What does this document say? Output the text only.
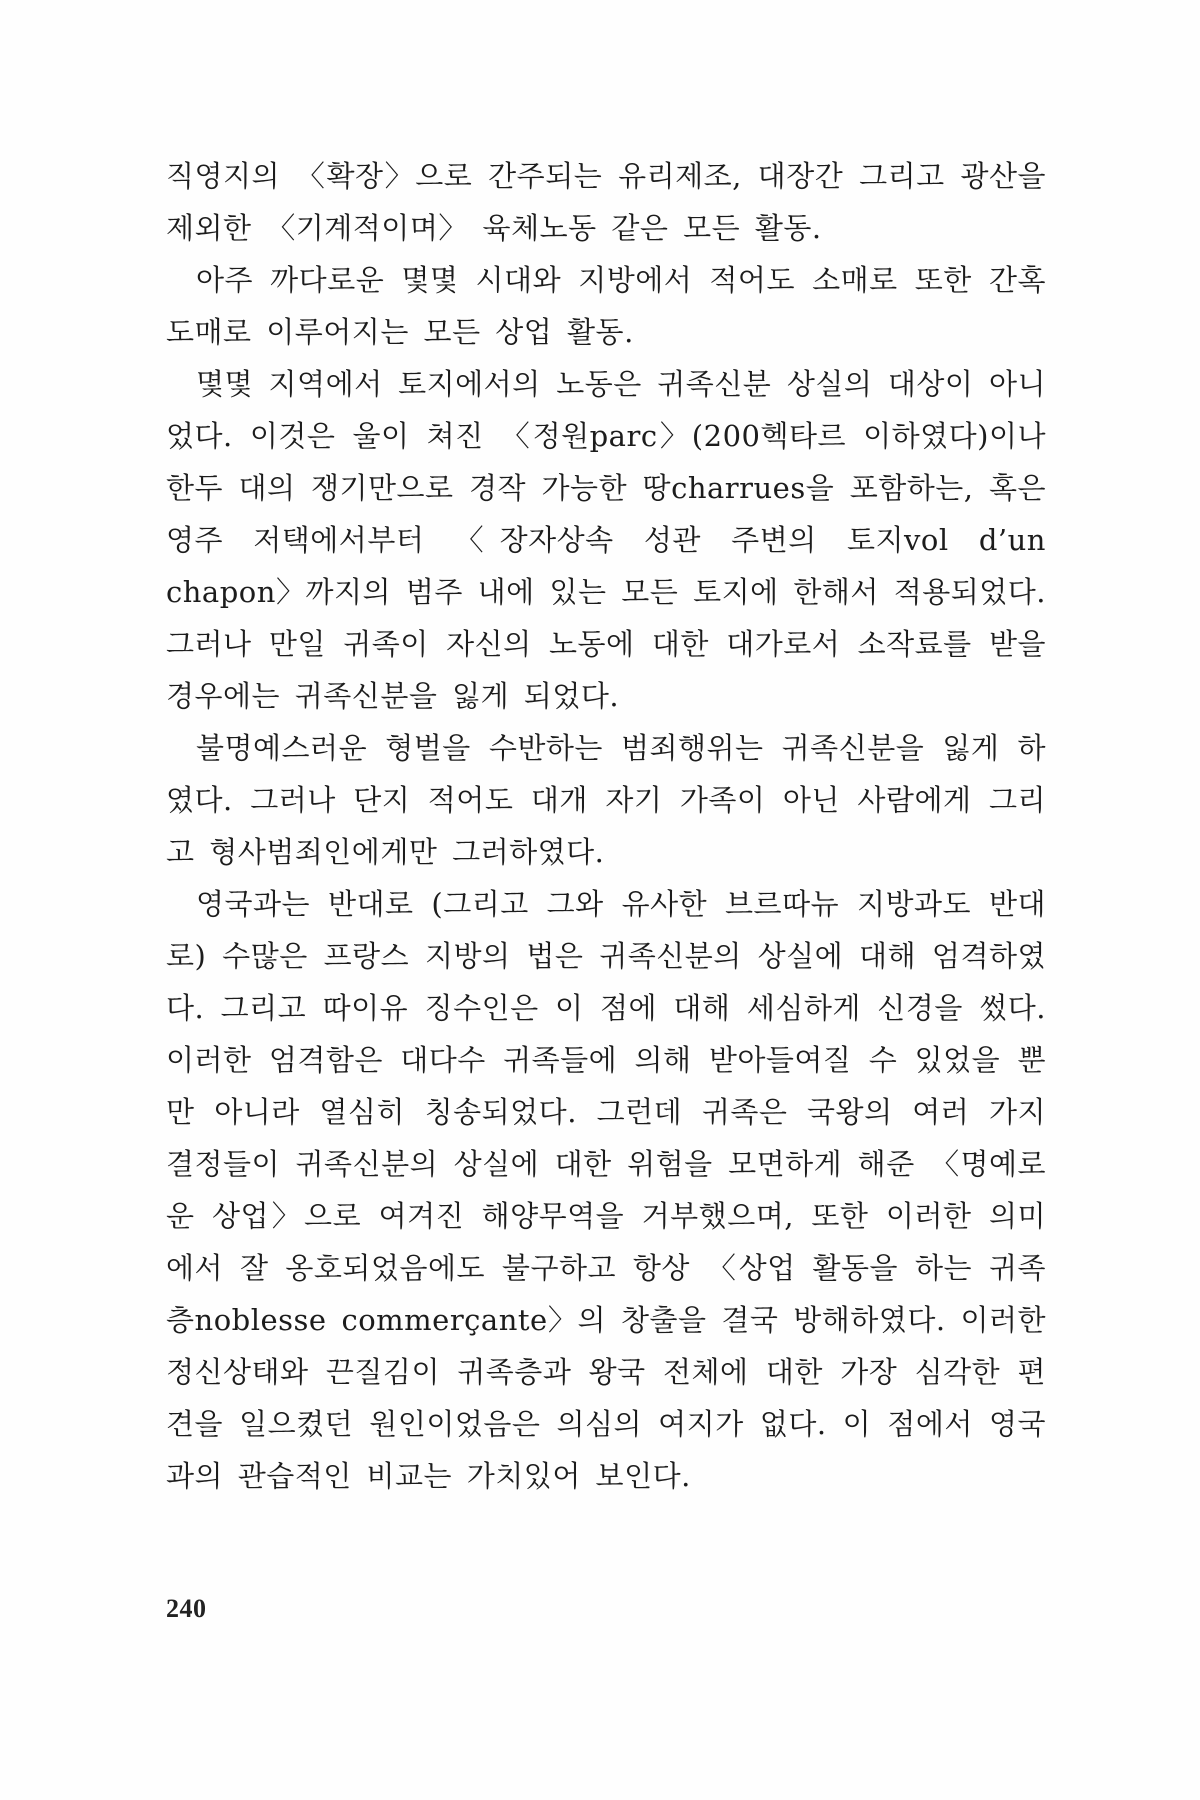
직영지의 〈확장〉으로 간주되는 유리제조, 대장간 그리고 광산을 제외한 〈기계적이며〉 육체노동 같은 모든 활동.

아주 까다로운 몇몇 시대와 지방에서 적어도 소매로 또한 간혹 도매로 이루어지는 모든 상업 활동.

몇몇 지역에서 토지에서의 노동은 귀족신분 상실의 대상이 아니었다. 이것은 울이 쳐진 〈정원parc〉(200헥타르 이하였다)이나 한두 대의 쟁기만으로 경작 가능한 땅charrues을 포함하는, 혹은 영주 저택에서부터 〈장자상속 성관 주변의 토지vol d’un chapon〉까지의 범주 내에 있는 모든 토지에 한해서 적용되었다. 그러나 만일 귀족이 자신의 노동에 대한 대가로서 소작료를 받을 경우에는 귀족신분을 잃게 되었다.

불명예스러운 형벌을 수반하는 범죄행위는 귀족신분을 잃게 하였다. 그러나 단지 적어도 대개 자기 가족이 아닌 사람에게 그리고 형사범죄인에게만 그러하였다.

영국과는 반대로 (그리고 그와 유사한 브르따뉴 지방과도 반대로) 수많은 프랑스 지방의 법은 귀족신분의 상실에 대해 엄격하였다. 그리고 따이유 징수인은 이 점에 대해 세심하게 신경을 썼다. 이러한 엄격함은 대다수 귀족들에 의해 받아들여질 수 있었을 뿐만 아니라 열심히 칭송되었다. 그런데 귀족은 국왕의 여러 가지 결정들이 귀족신분의 상실에 대한 위험을 모면하게 해준 〈명예로운 상업〉으로 여겨진 해양무역을 거부했으며, 또한 이러한 의미에서 잘 옹호되었음에도 불구하고 항상 〈상업 활동을 하는 귀족층noblesse commerçante〉의 창출을 결국 방해하였다. 이러한 정신상태와 끈질김이 귀족층과 왕국 전체에 대한 가장 심각한 편견을 일으켰던 원인이었음은 의심의 여지가 없다. 이 점에서 영국과의 관습적인 비교는 가치있어 보인다.

240
